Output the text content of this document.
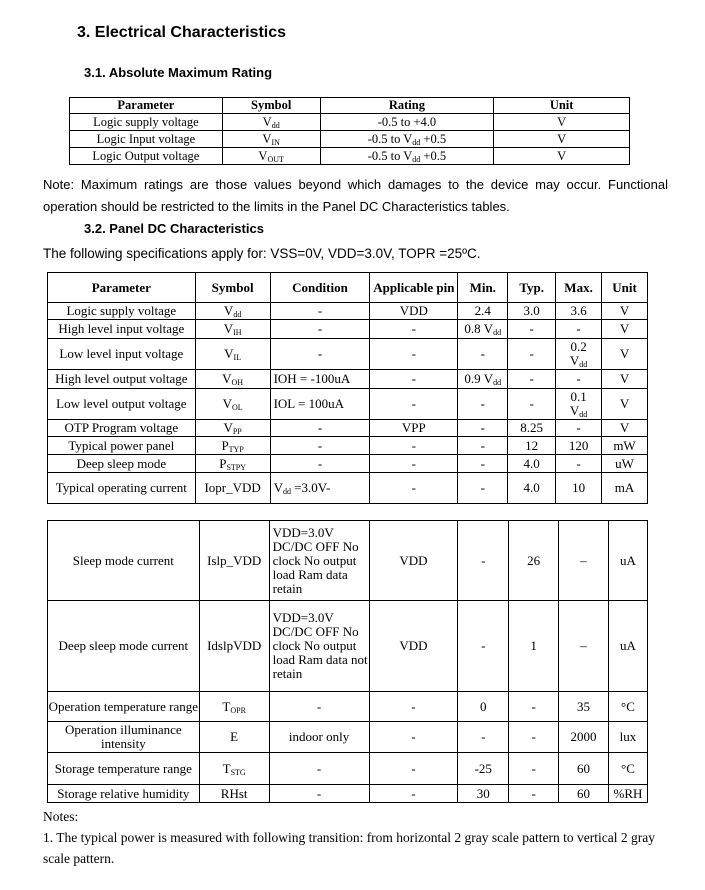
3. Electrical Characteristics
3.1. Absolute Maximum Rating
Parameter	Symbol	Rating	Unit
Logic supply voltage	$V_{dd}$	-0.5 to +4.0	V
Logic Input voltage	$V_{IN}$	-0.5 to $V_{dd} +0.5$	V
Logic Output voltage	$V_{OUT}$	-0.5 to $V_{dd} +0.5$	V
Note: Maximum ratings are those values beyond which damages to the device may occur. Functional operation should be restricted to the limits in the Panel DC Characteristics tables.
3.2. Panel DC Characteristics
The following specifications apply for: VSS=0V, VDD=3.0V, TOPR =25ºC.
Parameter	Symbol	Condition	Applicable pin	Min.	Typ.	Max.	Unit
Logic supply voltage	$V_{dd}$	-	VDD	2.4	3.0	3.6	V
High level input voltage	$V_{IH}$	-	-	0.8 $V_{dd}$	-	-	V
Low level input voltage	$V_{IL}$	-	-	-	-	0.2
$V_{dd}$	V
High level output voltage	$V_{OH}$	IOH = -100uA	-	0.9 $V_{dd}$	-	-	V
Low level output voltage	$V_{OL}$	IOL = 100uA	-	-	-	0.1
$V_{dd}$	V
OTP Program voltage	$V_{PP}$	-	VPP	-	8.25	-	V
Typical power panel	$P_{TYP}$	-	-	-	12	120	mW
Deep sleep mode	$P_{STPY}$	-	-	-	4.0	-	uW
Typical operating current	Iopr_VDD	$V_{dd} =3.0V-$	-	-	4.0	10	mA
Sleep mode current	Islp_VDD	VDD=3.0V DC/DC OFF No clock No output load Ram data retain	VDD	-	26	–	uA
Deep sleep mode current	IdslpVDD	VDD=3.0V DC/DC OFF No clock No output load Ram data not retain	VDD	-	1	–	uA
Operation temperature range	$T_{OPR}$	-	-	0	-	35	°C
Operation illuminance intensity	E	indoor only	-	-	-	2000	lux
Storage temperature range	$T_{STG}$	-	-	-25	-	60	°C
Storage relative humidity	RHst	-	-	30	-	60	%RH
Notes:
1. The typical power is measured with following transition: from horizontal 2 gray scale pattern to vertical 2 gray scale pattern.
